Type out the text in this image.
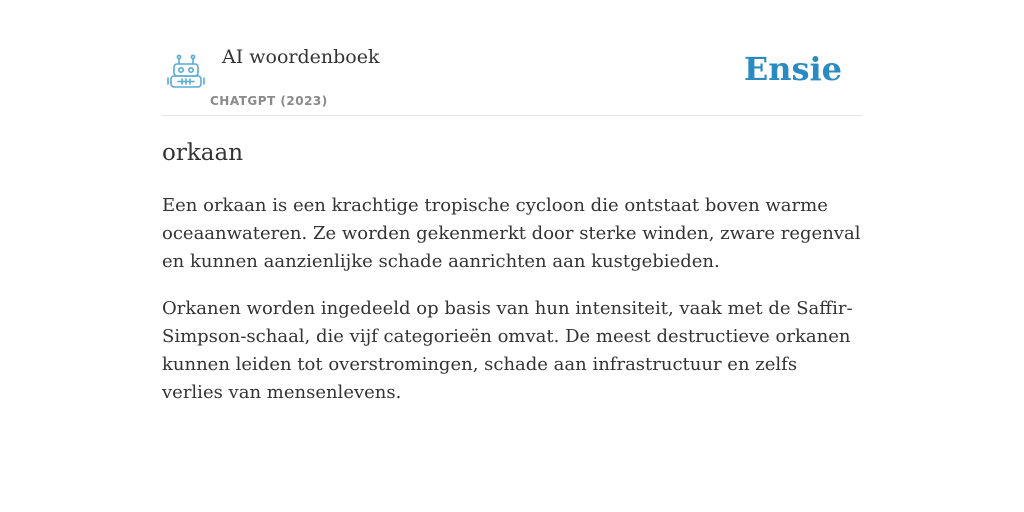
AI woordenboek
CHATGPT (2023)
Ensie
orkaan

Een orkaan is een krachtige tropische cycloon die ontstaat boven warme oceaanwateren. Ze worden gekenmerkt door sterke winden, zware regenval en kunnen aanzienlijke schade aanrichten aan kustgebieden.

Orkanen worden ingedeeld op basis van hun intensiteit, vaak met de Saffir-Simpson-schaal, die vijf categorieën omvat. De meest destructieve orkanen kunnen leiden tot overstromingen, schade aan infrastructuur en zelfs verlies van mensenlevens.
